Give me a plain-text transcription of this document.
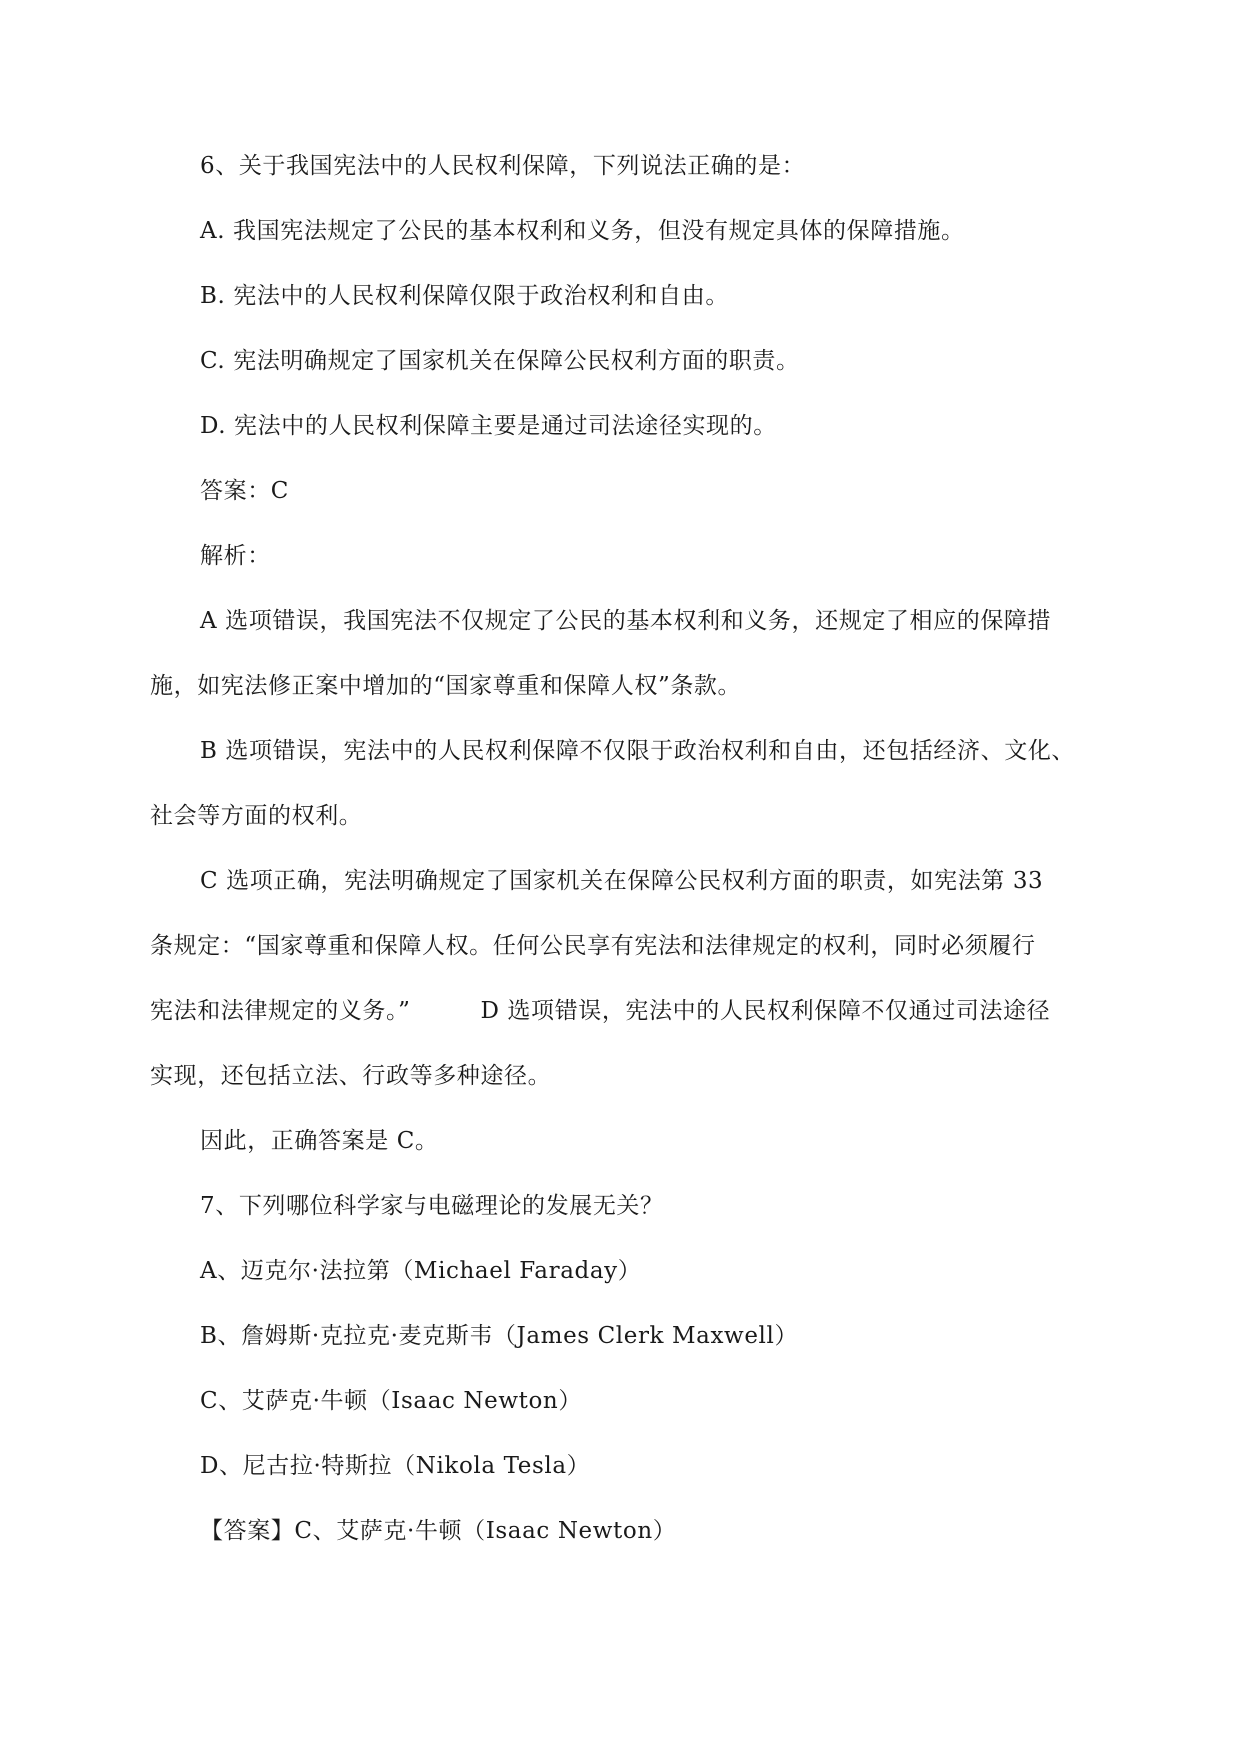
6、关于我国宪法中的人民权利保障，下列说法正确的是：

A. 我国宪法规定了公民的基本权利和义务，但没有规定具体的保障措施。

B. 宪法中的人民权利保障仅限于政治权利和自由。

C. 宪法明确规定了国家机关在保障公民权利方面的职责。

D. 宪法中的人民权利保障主要是通过司法途径实现的。

答案：C

解析：

A 选项错误，我国宪法不仅规定了公民的基本权利和义务，还规定了相应的保障措

施，如宪法修正案中增加的“国家尊重和保障人权”条款。

B 选项错误，宪法中的人民权利保障不仅限于政治权利和自由，还包括经济、文化、

社会等方面的权利。

C 选项正确，宪法明确规定了国家机关在保障公民权利方面的职责，如宪法第 33

条规定：“国家尊重和保障人权。任何公民享有宪法和法律规定的权利，同时必须履行

宪法和法律规定的义务。”	D 选项错误，宪法中的人民权利保障不仅通过司法途径

实现，还包括立法、行政等多种途径。

因此，正确答案是 C。

7、下列哪位科学家与电磁理论的发展无关？

A、迈克尔·法拉第（Michael Faraday）

B、詹姆斯·克拉克·麦克斯韦（James Clerk Maxwell）

C、艾萨克·牛顿（Isaac Newton）

D、尼古拉·特斯拉（Nikola Tesla）

【答案】C、艾萨克·牛顿（Isaac Newton）
